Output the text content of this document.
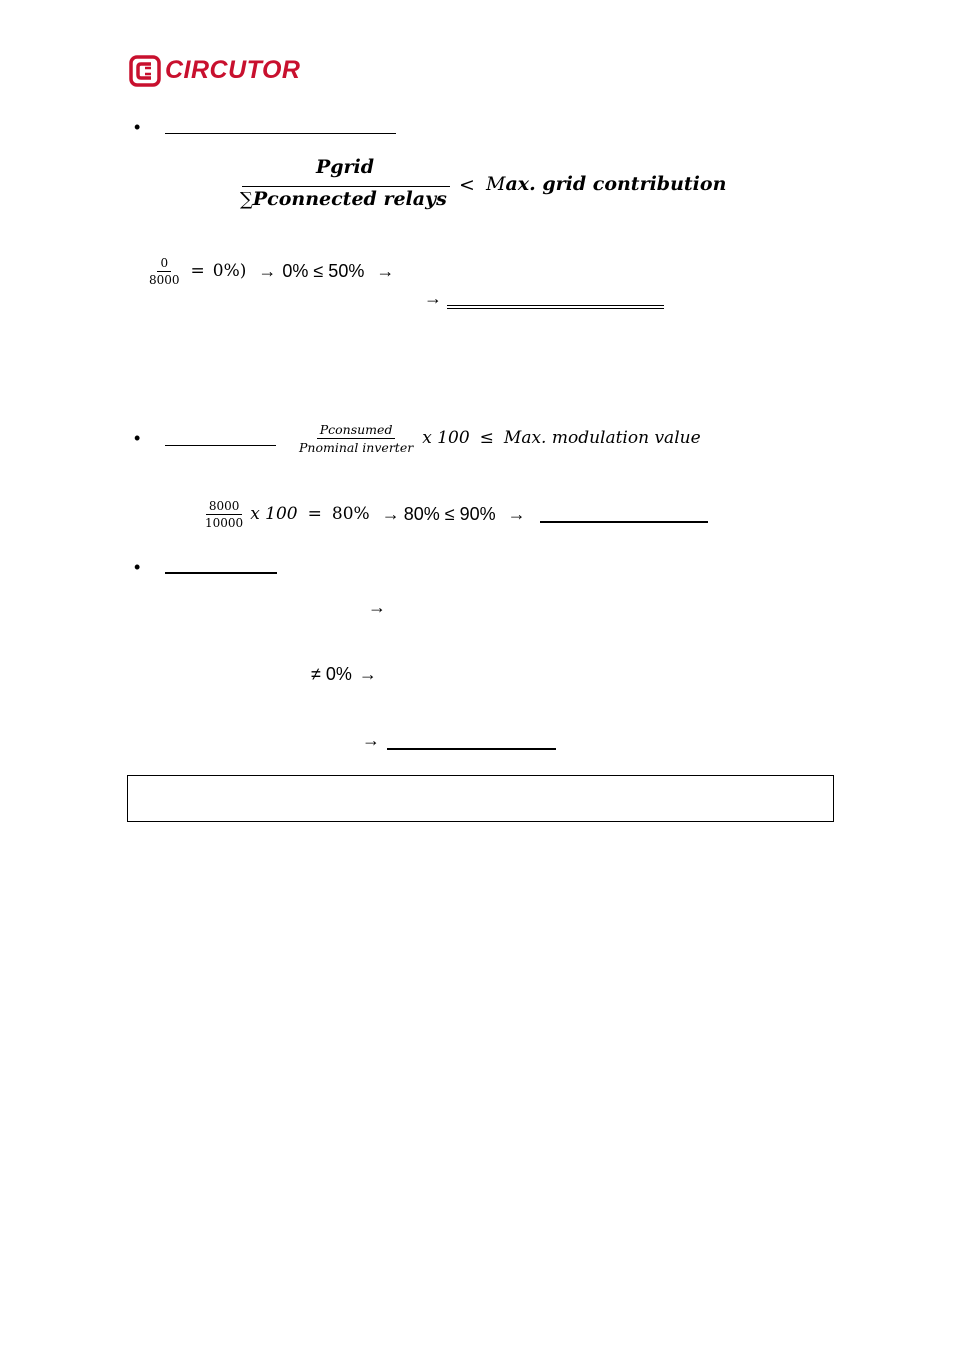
CIRCUTOR
•
Pgrid
∑Pconnected relays
< Max. grid contribution
$\frac{0}{8000} = 0\%) \to 0\% \le 50\%$ →
→
•	$\frac{\text{Pconsumed}}{\text{Pnominal inverter}}$ x 100 ≤ Max. modulation value
$\frac{8000}{10000}$ x 100 = 80% → 80% ≤ 90% →
•
→
≠ 0% →
→
